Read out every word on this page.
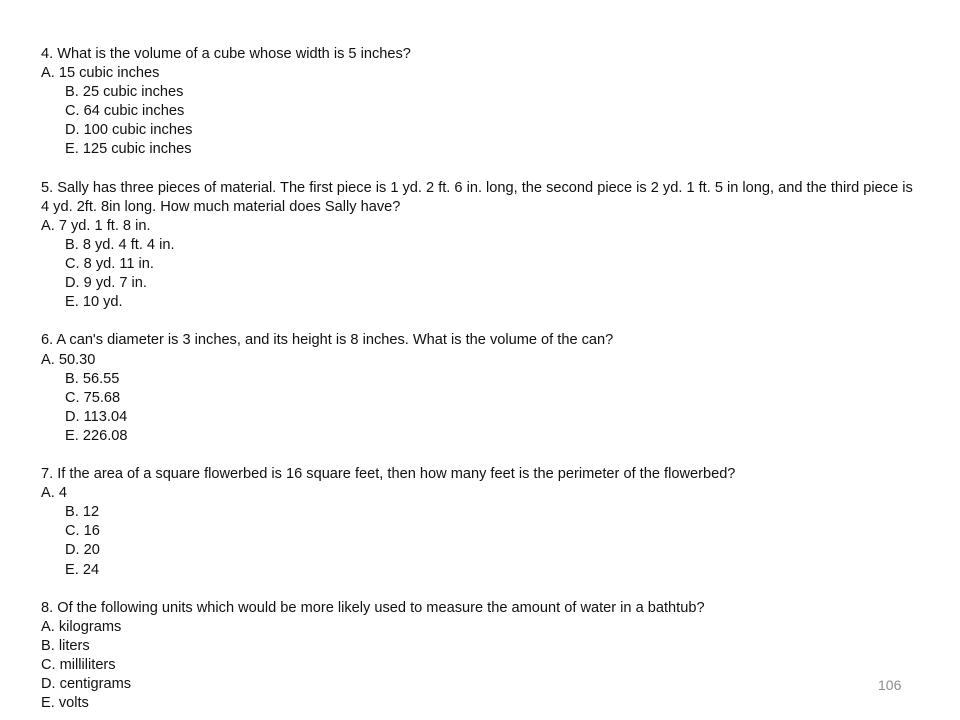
4. What is the volume of a cube whose width is 5 inches?
A. 15 cubic inches
B. 25 cubic inches
C. 64 cubic inches
D. 100 cubic inches
E. 125 cubic inches
5. Sally has three pieces of material. The first piece is 1 yd. 2 ft. 6 in. long, the second piece is 2 yd. 1 ft. 5 in long, and the third piece is 4 yd. 2ft. 8in long. How much material does Sally have?
A. 7 yd. 1 ft. 8 in.
B. 8 yd. 4 ft. 4 in.
C. 8 yd. 11 in.
D. 9 yd. 7 in.
E. 10 yd.
6. A can's diameter is 3 inches, and its height is 8 inches. What is the volume of the can?
A. 50.30
B. 56.55
C. 75.68
D. 113.04
E. 226.08
7. If the area of a square flowerbed is 16 square feet, then how many feet is the perimeter of the flowerbed?
A. 4
B. 12
C. 16
D. 20
E. 24
8. Of the following units which would be more likely used to measure the amount of water in a bathtub?
A. kilograms
B. liters
C. milliliters
D. centigrams
E. volts
106
